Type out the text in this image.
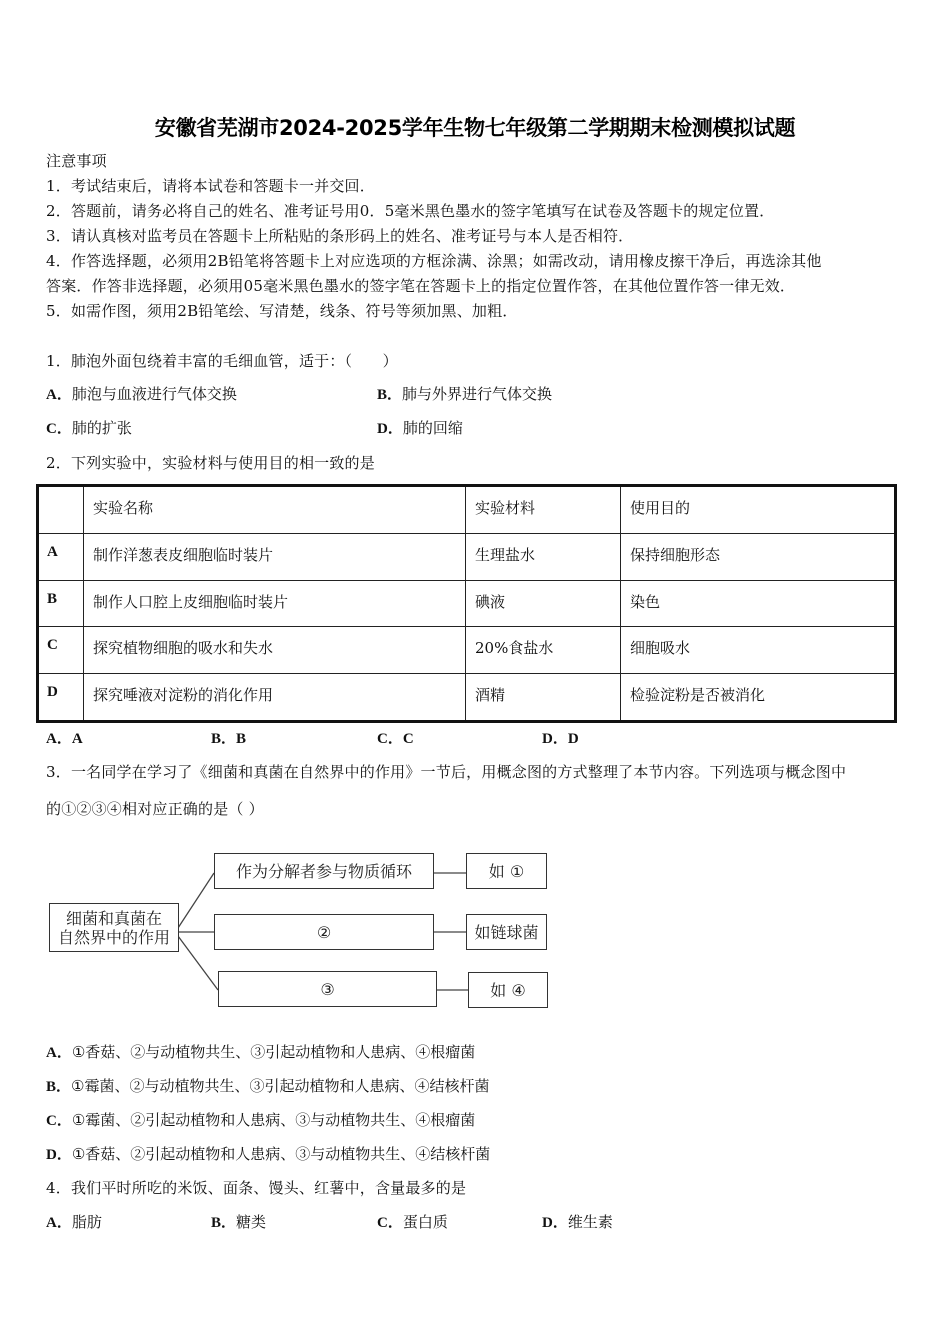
安徽省芜湖市2024-2025学年生物七年级第二学期期末检测模拟试题
注意事项
1．考试结束后，请将本试卷和答题卡一并交回．
2．答题前，请务必将自己的姓名、准考证号用0．5毫米黑色墨水的签字笔填写在试卷及答题卡的规定位置．
3．请认真核对监考员在答题卡上所粘贴的条形码上的姓名、准考证号与本人是否相符．
4．作答选择题，必须用2B铅笔将答题卡上对应选项的方框涂满、涂黑；如需改动，请用橡皮擦干净后，再选涂其他
答案．作答非选择题，必须用05毫米黑色墨水的签字笔在答题卡上的指定位置作答，在其他位置作答一律无效．
5．如需作图，须用2B铅笔绘、写清楚，线条、符号等须加黑、加粗．
1．肺泡外面包绕着丰富的毛细血管，适于：（　　）
A．肺泡与血液进行气体交换	B．肺与外界进行气体交换
C．肺的扩张	D．肺的回缩
2．下列实验中，实验材料与使用目的相一致的是
	实验名称	实验材料	使用目的
A	制作洋葱表皮细胞临时装片	生理盐水	保持细胞形态
B	制作人口腔上皮细胞临时装片	碘液	染色
C	探究植物细胞的吸水和失水	20%食盐水	细胞吸水
D	探究唾液对淀粉的消化作用	酒精	检验淀粉是否被消化
A．A	B．B	C．C	D．D
3．一名同学在学习了《细菌和真菌在自然界中的作用》一节后，用概念图的方式整理了本节内容。下列选项与概念图中
的①②③④相对应正确的是（ ）
细菌和真菌在
自然界中的作用
作为分解者参与物质循环
②
③
如 ①
如链球菌
如 ④
A．①香菇、②与动植物共生、③引起动植物和人患病、④根瘤菌
B．①霉菌、②与动植物共生、③引起动植物和人患病、④结核杆菌
C．①霉菌、②引起动植物和人患病、③与动植物共生、④根瘤菌
D．①香菇、②引起动植物和人患病、③与动植物共生、④结核杆菌
4．我们平时所吃的米饭、面条、馒头、红薯中，含量最多的是
A．脂肪	B．糖类	C．蛋白质	D．维生素
